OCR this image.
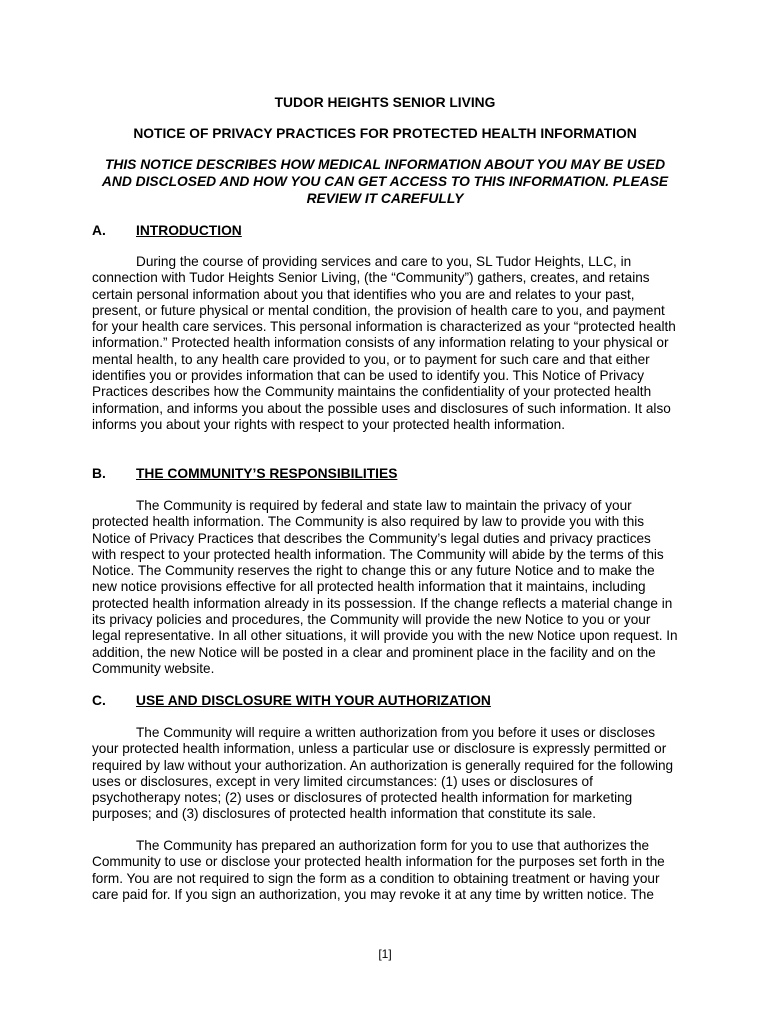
TUDOR HEIGHTS SENIOR LIVING
NOTICE OF PRIVACY PRACTICES FOR PROTECTED HEALTH INFORMATION
THIS NOTICE DESCRIBES HOW MEDICAL INFORMATION ABOUT YOU MAY BE USED
AND DISCLOSED AND HOW YOU CAN GET ACCESS TO THIS INFORMATION. PLEASE
REVIEW IT CAREFULLY
A. INTRODUCTION

During the course of providing services and care to you, SL Tudor Heights, LLC, in connection with Tudor Heights Senior Living, (the “Community”) gathers, creates, and retains certain personal information about you that identifies who you are and relates to your past, present, or future physical or mental condition, the provision of health care to you, and payment for your health care services. This personal information is characterized as your “protected health information.” Protected health information consists of any information relating to your physical or mental health, to any health care provided to you, or to payment for such care and that either identifies you or provides information that can be used to identify you. This Notice of Privacy Practices describes how the Community maintains the confidentiality of your protected health information, and informs you about the possible uses and disclosures of such information. It also informs you about your rights with respect to your protected health information.

B. THE COMMUNITY’S RESPONSIBILITIES

The Community is required by federal and state law to maintain the privacy of your protected health information. The Community is also required by law to provide you with this Notice of Privacy Practices that describes the Community’s legal duties and privacy practices with respect to your protected health information. The Community will abide by the terms of this Notice. The Community reserves the right to change this or any future Notice and to make the new notice provisions effective for all protected health information that it maintains, including protected health information already in its possession. If the change reflects a material change in its privacy policies and procedures, the Community will provide the new Notice to you or your legal representative. In all other situations, it will provide you with the new Notice upon request. In addition, the new Notice will be posted in a clear and prominent place in the facility and on the Community website.

C. USE AND DISCLOSURE WITH YOUR AUTHORIZATION

The Community will require a written authorization from you before it uses or discloses your protected health information, unless a particular use or disclosure is expressly permitted or required by law without your authorization. An authorization is generally required for the following uses or disclosures, except in very limited circumstances: (1) uses or disclosures of psychotherapy notes; (2) uses or disclosures of protected health information for marketing purposes; and (3) disclosures of protected health information that constitute its sale.

The Community has prepared an authorization form for you to use that authorizes the Community to use or disclose your protected health information for the purposes set forth in the form. You are not required to sign the form as a condition to obtaining treatment or having your care paid for. If you sign an authorization, you may revoke it at any time by written notice. The

[1]
